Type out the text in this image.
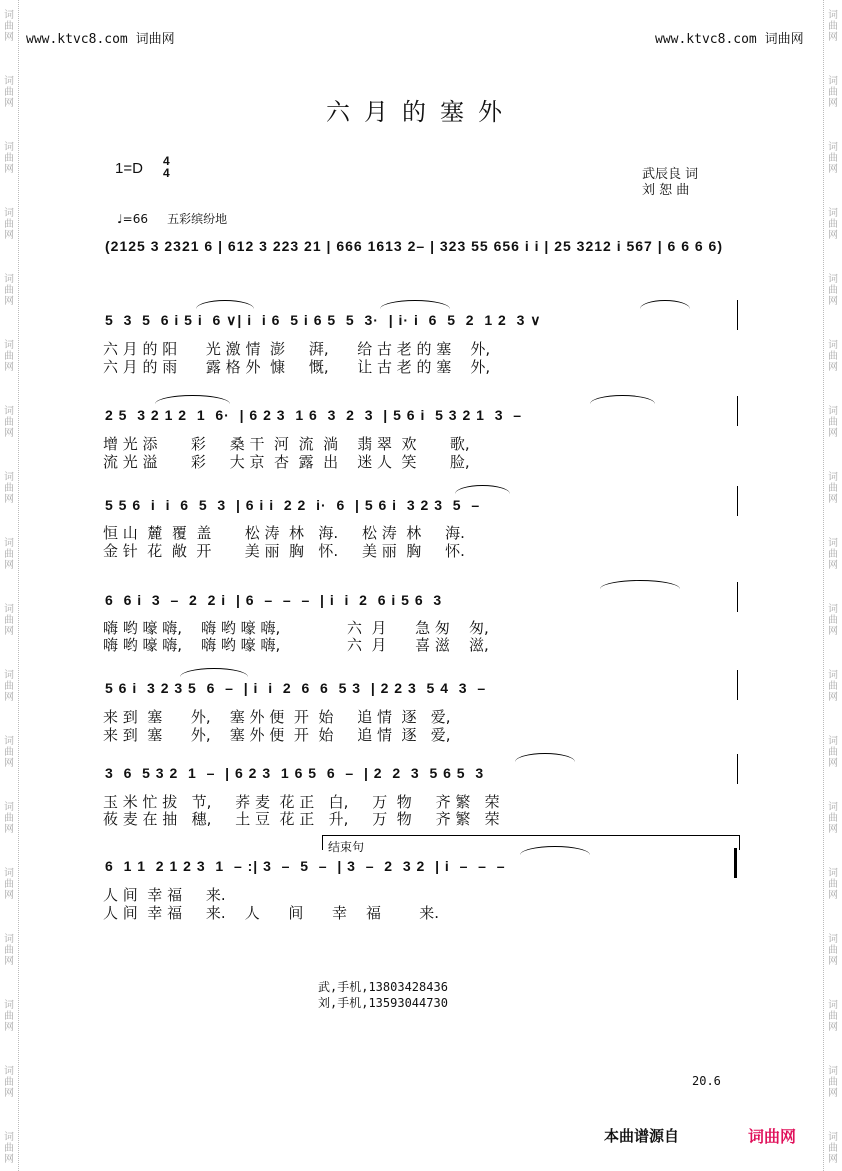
词
曲
网
词
曲
网
词
曲
网
词
曲
网
词
曲
网
词
曲
网
词
曲
网
词
曲
网
词
曲
网
词
曲
网
词
曲
网
词
曲
网
词
曲
网
词
曲
网
词
曲
网
词
曲
网
词
曲
网
词
曲
网
词
曲
网
词
曲
网
词
曲
网
词
曲
网
词
曲
网
词
曲
网
词
曲
网
词
曲
网
词
曲
网
词
曲
网
词
曲
网
词
曲
网
词
曲
网
词
曲
网
词
曲
网
词
曲
网
词
曲
网
词
曲
网
www.ktvc8.com 词曲网	www.ktvc8.com 词曲网
六月的塞外
1=D 4
4	武辰良 词
刘 恕 曲
♩=66 五彩缤纷地
(2125 3 2321 6 | 612 3 223 21 | 666 1613 2– | 323 55 656 i i | 25 3212 i 567 | 6 6 6 6)
5  3  5  6 i 5 i  6 ∨| i  i 6  5 i 6 5  5  3·  | i· i  6  5  2  1 2  3 ∨
六 月 的 阳      光 激 情  澎     湃,      给 古 老 的 塞    外,
六 月 的 雨      露 格 外  慷     慨,      让 古 老 的 塞    外,
2 5  3 2 1 2  1  6·  | 6 2 3  1 6  3  2  3  | 5 6 i  5 3 2 1  3  –
增 光 添       彩     桑 干  河  流  淌    翡 翠  欢       歌,
流 光 溢       彩     大 京  杏  露  出    迷 人  笑       脸,
5 5 6  i  i  6  5  3  | 6 i i  2 2  i·  6  | 5 6 i  3 2 3  5  –
恒 山  麓  覆  盖       松 涛  林   海.     松 涛  林     海.
金 针  花  敞  开       美 丽  胸   怀.     美 丽  胸     怀.
6  6 i  3  –  2  2 i  | 6  –  –  –  | i  i  2  6 i 5 6  3
嗨 哟 嚎 嗨,    嗨 哟 嚎 嗨,              六  月      急 匆    匆,
嗨 哟 嚎 嗨,    嗨 哟 嚎 嗨,              六  月      喜 滋    滋,
5 6 i  3 2 3 5  6  –  | i  i  2  6  6  5 3  | 2 2 3  5 4  3  –
来 到  塞      外,    塞 外 便  开  始     追 情  逐   爱,
来 到  塞      外,    塞 外 便  开  始     追 情  逐   爱,
3  6  5 3 2  1  –  | 6 2 3  1 6 5  6  –  | 2  2  3  5 6 5  3
玉 米 忙 拔   节,     荞 麦  花 正   白,     万  物     齐 繁   荣
莜 麦 在 抽   穗,     土 豆  花 正   升,     万  物     齐 繁   荣
结束句
6  1 1  2 1 2 3  1  – :| 3  –  5  –  | 3  –  2  3 2  | i  –  –  –
人 间  幸 福     来.
人 间  幸 福     来.    人      间      幸    福        来.
武,手机,13803428436
刘,手机,13593044730
20.6
本曲谱源自	词曲网
